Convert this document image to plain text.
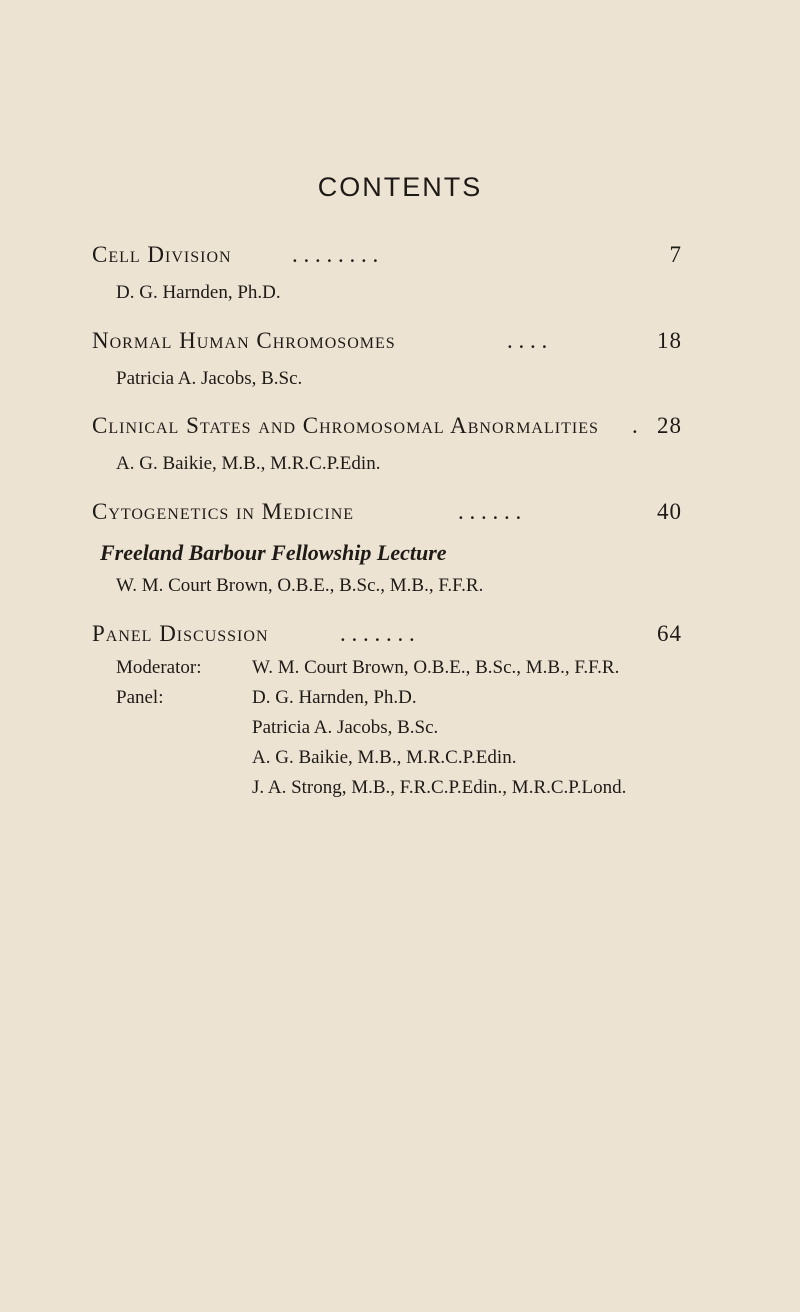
CONTENTS
Cell Division	. . . . . . . .	7
D. G. Harnden, Ph.D.
Normal Human Chromosomes	. . . .	18
Patricia A. Jacobs, B.Sc.
Clinical States and Chromosomal Abnormalities . 28
A. G. Baikie, M.B., M.R.C.P.Edin.
Cytogenetics in Medicine	. . . . . .	40
Freeland Barbour Fellowship Lecture
W. M. Court Brown, O.B.E., B.Sc., M.B., F.F.R.
Panel Discussion	. . . . . . .	64
Moderator:	W. M. Court Brown, O.B.E., B.Sc., M.B., F.F.R.
Panel:	D. G. Harnden, Ph.D.
Patricia A. Jacobs, B.Sc.
A. G. Baikie, M.B., M.R.C.P.Edin.
J. A. Strong, M.B., F.R.C.P.Edin., M.R.C.P.Lond.
